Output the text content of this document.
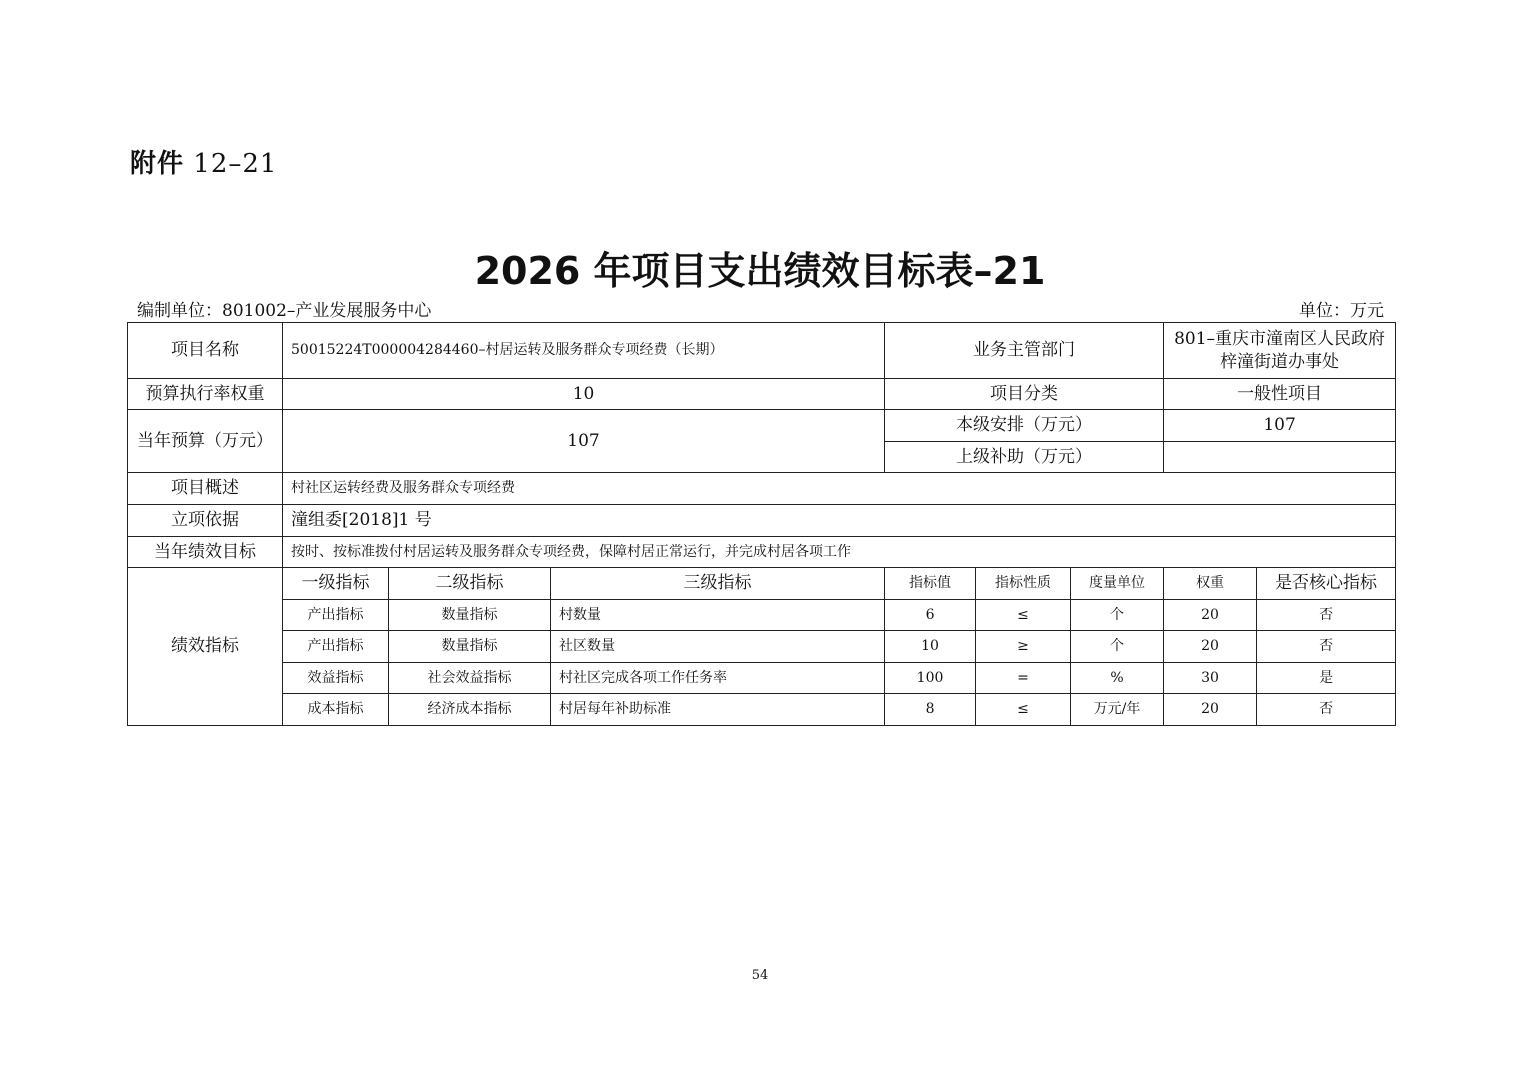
附件 12–21
2026 年项目支出绩效目标表–21
编制单位：801002–产业发展服务中心	单位：万元
项目名称	50015224T000004284460–村居运转及服务群众专项经费（长期）			业务主管部门			801–重庆市潼南区人民政府梓潼街道办事处	
预算执行率权重	10			项目分类			一般性项目	
当年预算（万元）	107			本级安排（万元）			107	
				上级补助（万元）				
项目概述	村社区运转经费及服务群众专项经费							
立项依据	潼组委[2018]1 号							
当年绩效目标	按时、按标准拨付村居运转及服务群众专项经费，保障村居正常运行，并完成村居各项工作							
绩效指标	一级指标	二级指标	三级指标	指标值	指标性质	度量单位	权重	是否核心指标
	产出指标	数量指标	村数量	6	≤	个	20	否
	产出指标	数量指标	社区数量	10	≥	个	20	否
	效益指标	社会效益指标	村社区完成各项工作任务率	100	=	%	30	是
	成本指标	经济成本指标	村居每年补助标准	8	≤	万元/年	20	否
54
